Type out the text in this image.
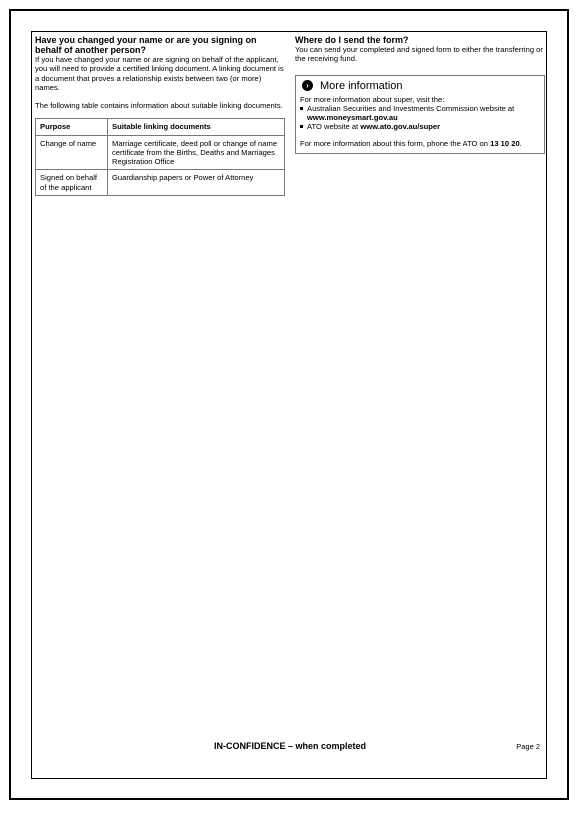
Have you changed your name or are you signing on behalf of another person?

If you have changed your name or are signing on behalf of the applicant, you will need to provide a certified linking document. A linking document is a document that proves a relationship exists between two (or more) names.

The following table contains information about suitable linking documents.

Purpose	Suitable linking documents
Change of name	Marriage certificate, deed poll or change of name certificate from the Births, Deaths and Marriages Registration Office
Signed on behalf of the applicant	Guardianship papers or Power of Attorney
Where do I send the form?

You can send your completed and signed form to either the transferring or the receiving fund.

›	More information

For more information about super, visit the:

Australian Securities and Investments Commission website at www.moneysmart.gov.au
ATO website at www.ato.gov.au/super

For more information about this form, phone the ATO on 13 10 20.

IN-CONFIDENCE – when completed	Page 2
